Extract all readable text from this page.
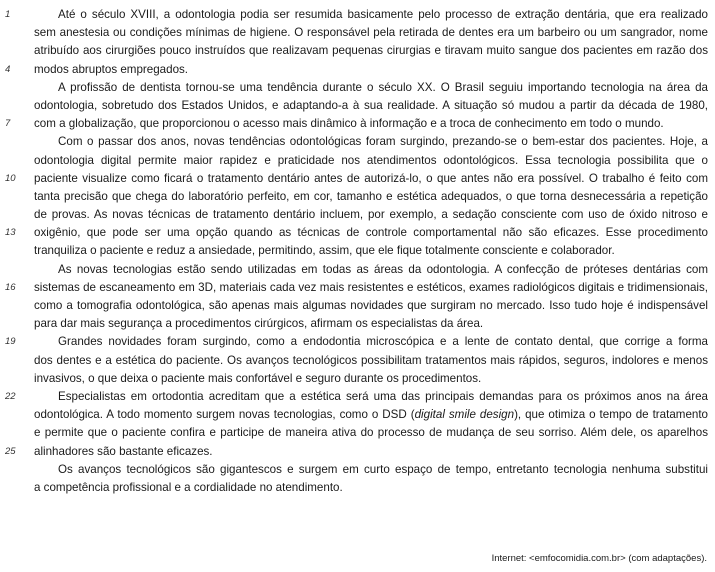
1	Até o século XVIII, a odontologia podia ser resumida basicamente pelo processo de extração dentária, que era realizado
sem anestesia ou condições mínimas de higiene. O responsável pela retirada de dentes era um barbeiro ou um sangrador, nome
atribuído aos cirurgiões pouco instruídos que realizavam pequenas cirurgias e tiravam muito sangue dos pacientes em razão dos
4	modos abruptos empregados.
A profissão de dentista tornou-se uma tendência durante o século XX. O Brasil seguiu importando tecnologia na área da
odontologia, sobretudo dos Estados Unidos, e adaptando-a à sua realidade. A situação só mudou a partir da década de 1980,
7	com a globalização, que proporcionou o acesso mais dinâmico à informação e a troca de conhecimento em todo o mundo.
Com o passar dos anos, novas tendências odontológicas foram surgindo, prezando-se o bem-estar dos pacientes. Hoje, a
odontologia digital permite maior rapidez e praticidade nos atendimentos odontológicos. Essa tecnologia possibilita que o
10 paciente visualize como ficará o tratamento dentário antes de autorizá-lo, o que antes não era possível. O trabalho é feito com
tanta precisão que chega do laboratório perfeito, em cor, tamanho e estética adequados, o que torna desnecessária a repetição
de provas. As novas técnicas de tratamento dentário incluem, por exemplo, a sedação consciente com uso de óxido nitroso e
13 oxigênio, que pode ser uma opção quando as técnicas de controle comportamental não são eficazes. Esse procedimento
tranquiliza o paciente e reduz a ansiedade, permitindo, assim, que ele fique totalmente consciente e colaborador.
As novas tecnologias estão sendo utilizadas em todas as áreas da odontologia. A confecção de próteses dentárias com
16 sistemas de escaneamento em 3D, materiais cada vez mais resistentes e estéticos, exames radiológicos digitais e tridimensionais,
como a tomografia odontológica, são apenas mais algumas novidades que surgiram no mercado. Isso tudo hoje é indispensável
para dar mais segurança a procedimentos cirúrgicos, afirmam os especialistas da área.
19	Grandes novidades foram surgindo, como a endodontia microscópica e a lente de contato dental, que corrige a forma
dos dentes e a estética do paciente. Os avanços tecnológicos possibilitam tratamentos mais rápidos, seguros, indolores e menos
invasivos, o que deixa o paciente mais confortável e seguro durante os procedimentos.
22	Especialistas em ortodontia acreditam que a estética será uma das principais demandas para os próximos anos na área
odontológica. A todo momento surgem novas tecnologias, como o DSD (digital smile design), que otimiza o tempo de tratamento
e permite que o paciente confira e participe de maneira ativa do processo de mudança de seu sorriso. Além dele, os aparelhos
25 alinhadores são bastante eficazes.
Os avanços tecnológicos são gigantescos e surgem em curto espaço de tempo, entretanto tecnologia nenhuma substitui
a competência profissional e a cordialidade no atendimento.
Internet: <emfocomidia.com.br> (com adaptações).
